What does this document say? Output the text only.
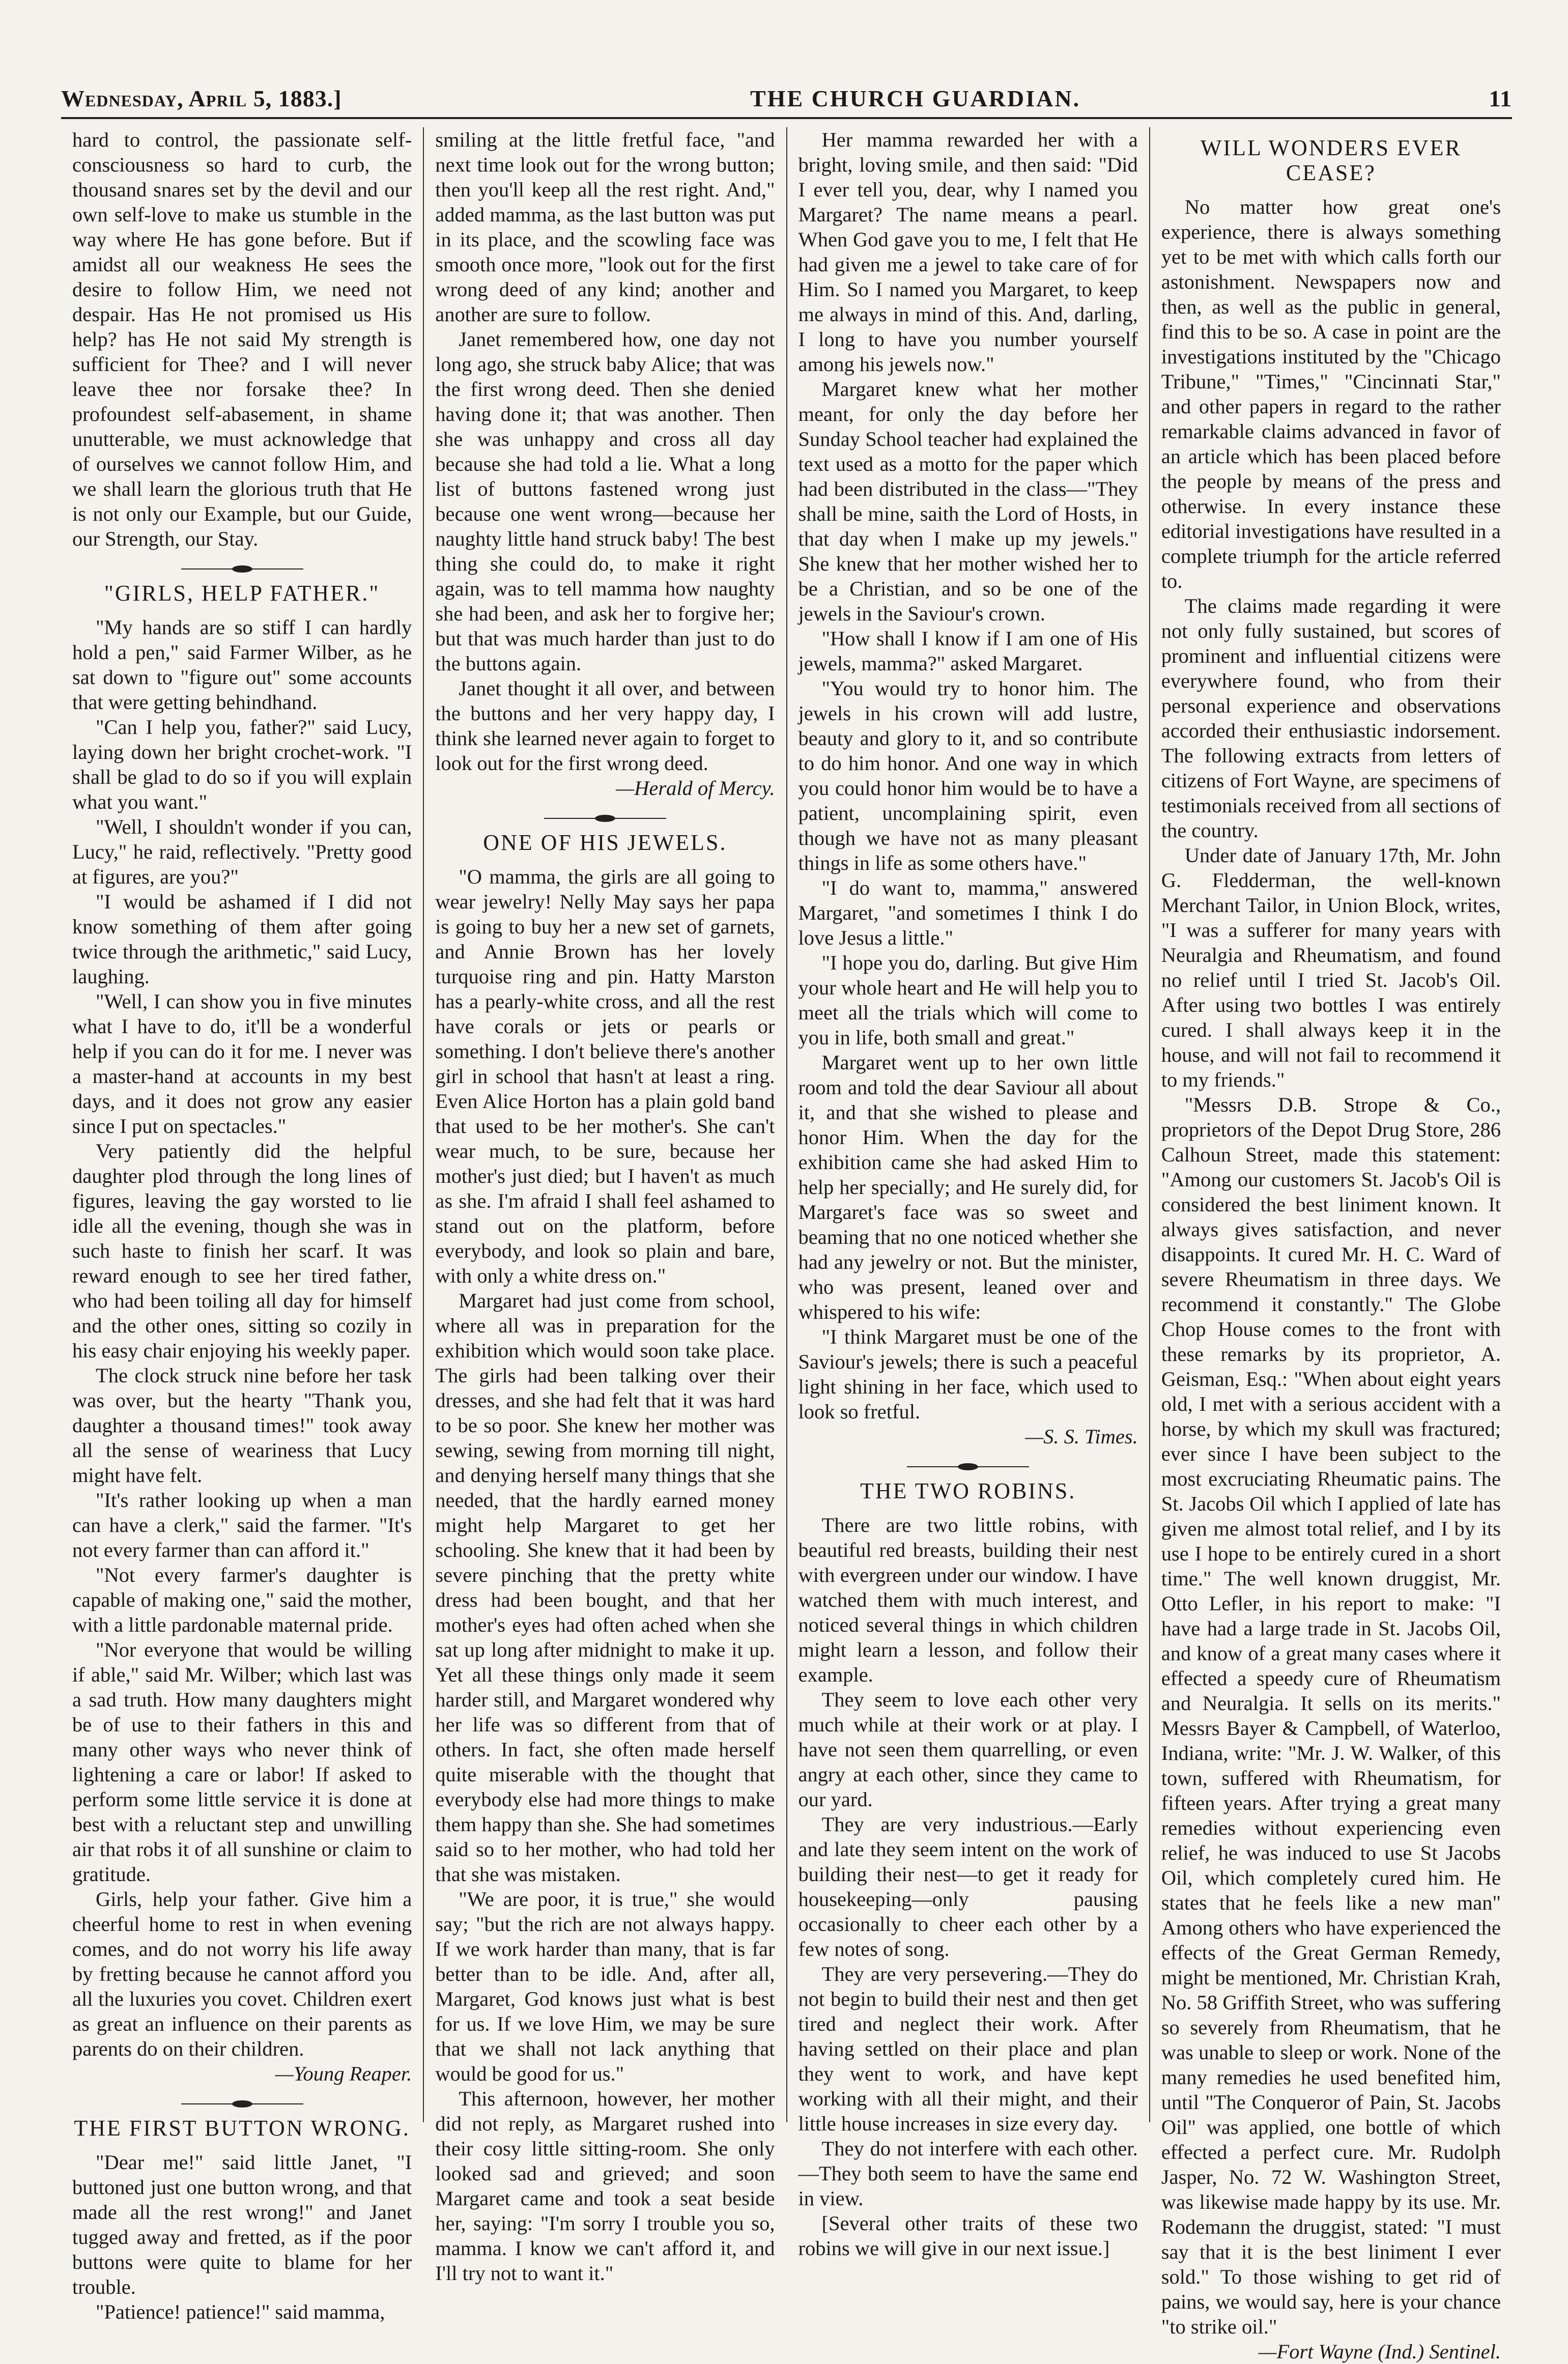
Wednesday, April 5, 1883.]	THE CHURCH GUARDIAN.	11

hard to control, the passionate self-consciousness so hard to curb, the thousand snares set by the devil and our own self-love to make us stumble in the way where He has gone before. But if amidst all our weakness He sees the desire to follow Him, we need not despair. Has He not promised us His help? has He not said My strength is sufficient for Thee? and I will never leave thee nor forsake thee? In profoundest self-abasement, in shame unutterable, we must acknowledge that of ourselves we cannot follow Him, and we shall learn the glorious truth that He is not only our Example, but our Guide, our Strength, our Stay.

"GIRLS, HELP FATHER."

"My hands are so stiff I can hardly hold a pen," said Farmer Wilber, as he sat down to "figure out" some accounts that were getting behindhand.

"Can I help you, father?" said Lucy, laying down her bright crochet-work. "I shall be glad to do so if you will explain what you want."

"Well, I shouldn't wonder if you can, Lucy," he raid, reflectively. "Pretty good at figures, are you?"

"I would be ashamed if I did not know something of them after going twice through the arithmetic," said Lucy, laughing.

"Well, I can show you in five minutes what I have to do, it'll be a wonderful help if you can do it for me. I never was a master-hand at accounts in my best days, and it does not grow any easier since I put on spectacles."

Very patiently did the helpful daughter plod through the long lines of figures, leaving the gay worsted to lie idle all the evening, though she was in such haste to finish her scarf. It was reward enough to see her tired father, who had been toiling all day for himself and the other ones, sitting so cozily in his easy chair enjoying his weekly paper.

The clock struck nine before her task was over, but the hearty "Thank you, daughter a thousand times!" took away all the sense of weariness that Lucy might have felt.

"It's rather looking up when a man can have a clerk," said the farmer. "It's not every farmer than can afford it."

"Not every farmer's daughter is capable of making one," said the mother, with a little pardonable maternal pride.

"Nor everyone that would be willing if able," said Mr. Wilber; which last was a sad truth. How many daughters might be of use to their fathers in this and many other ways who never think of lightening a care or labor! If asked to perform some little service it is done at best with a reluctant step and unwilling air that robs it of all sunshine or claim to gratitude.

Girls, help your father. Give him a cheerful home to rest in when evening comes, and do not worry his life away by fretting because he cannot afford you all the luxuries you covet. Children exert as great an influence on their parents as parents do on their children.

—Young Reaper.

THE FIRST BUTTON WRONG.

"Dear me!" said little Janet, "I buttoned just one button wrong, and that made all the rest wrong!" and Janet tugged away and fretted, as if the poor buttons were quite to blame for her trouble.

"Patience! patience!" said mamma,

smiling at the little fretful face, "and next time look out for the wrong button; then you'll keep all the rest right. And," added mamma, as the last button was put in its place, and the scowling face was smooth once more, "look out for the first wrong deed of any kind; another and another are sure to follow.

Janet remembered how, one day not long ago, she struck baby Alice; that was the first wrong deed. Then she denied having done it; that was another. Then she was unhappy and cross all day because she had told a lie. What a long list of buttons fastened wrong just because one went wrong—because her naughty little hand struck baby! The best thing she could do, to make it right again, was to tell mamma how naughty she had been, and ask her to forgive her; but that was much harder than just to do the buttons again.

Janet thought it all over, and between the buttons and her very happy day, I think she learned never again to forget to look out for the first wrong deed.

—Herald of Mercy.

ONE OF HIS JEWELS.

"O mamma, the girls are all going to wear jewelry! Nelly May says her papa is going to buy her a new set of garnets, and Annie Brown has her lovely turquoise ring and pin. Hatty Marston has a pearly-white cross, and all the rest have corals or jets or pearls or something. I don't believe there's another girl in school that hasn't at least a ring. Even Alice Horton has a plain gold band that used to be her mother's. She can't wear much, to be sure, because her mother's just died; but I haven't as much as she. I'm afraid I shall feel ashamed to stand out on the platform, before everybody, and look so plain and bare, with only a white dress on."

Margaret had just come from school, where all was in preparation for the exhibition which would soon take place. The girls had been talking over their dresses, and she had felt that it was hard to be so poor. She knew her mother was sewing, sewing from morning till night, and denying herself many things that she needed, that the hardly earned money might help Margaret to get her schooling. She knew that it had been by severe pinching that the pretty white dress had been bought, and that her mother's eyes had often ached when she sat up long after midnight to make it up. Yet all these things only made it seem harder still, and Margaret wondered why her life was so different from that of others. In fact, she often made herself quite miserable with the thought that everybody else had more things to make them happy than she. She had sometimes said so to her mother, who had told her that she was mistaken.

"We are poor, it is true," she would say; "but the rich are not always happy. If we work harder than many, that is far better than to be idle. And, after all, Margaret, God knows just what is best for us. If we love Him, we may be sure that we shall not lack anything that would be good for us."

This afternoon, however, her mother did not reply, as Margaret rushed into their cosy little sitting-room. She only looked sad and grieved; and soon Margaret came and took a seat beside her, saying: "I'm sorry I trouble you so, mamma. I know we can't afford it, and I'll try not to want it."

Her mamma rewarded her with a bright, loving smile, and then said: "Did I ever tell you, dear, why I named you Margaret? The name means a pearl. When God gave you to me, I felt that He had given me a jewel to take care of for Him. So I named you Margaret, to keep me always in mind of this. And, darling, I long to have you number yourself among his jewels now."

Margaret knew what her mother meant, for only the day before her Sunday School teacher had explained the text used as a motto for the paper which had been distributed in the class—"They shall be mine, saith the Lord of Hosts, in that day when I make up my jewels." She knew that her mother wished her to be a Christian, and so be one of the jewels in the Saviour's crown.

"How shall I know if I am one of His jewels, mamma?" asked Margaret.

"You would try to honor him. The jewels in his crown will add lustre, beauty and glory to it, and so contribute to do him honor. And one way in which you could honor him would be to have a patient, uncomplaining spirit, even though we have not as many pleasant things in life as some others have."

"I do want to, mamma," answered Margaret, "and sometimes I think I do love Jesus a little."

"I hope you do, darling. But give Him your whole heart and He will help you to meet all the trials which will come to you in life, both small and great."

Margaret went up to her own little room and told the dear Saviour all about it, and that she wished to please and honor Him. When the day for the exhibition came she had asked Him to help her specially; and He surely did, for Margaret's face was so sweet and beaming that no one noticed whether she had any jewelry or not. But the minister, who was present, leaned over and whispered to his wife:

"I think Margaret must be one of the Saviour's jewels; there is such a peaceful light shining in her face, which used to look so fretful.

—S. S. Times.

THE TWO ROBINS.

There are two little robins, with beautiful red breasts, building their nest with evergreen under our window. I have watched them with much interest, and noticed several things in which children might learn a lesson, and follow their example.

They seem to love each other very much while at their work or at play. I have not seen them quarrelling, or even angry at each other, since they came to our yard.

They are very industrious.—Early and late they seem intent on the work of building their nest—to get it ready for housekeeping—only pausing occasionally to cheer each other by a few notes of song.

They are very persevering.—They do not begin to build their nest and then get tired and neglect their work. After having settled on their place and plan they went to work, and have kept working with all their might, and their little house increases in size every day.

They do not interfere with each other.—They both seem to have the same end in view.

[Several other traits of these two robins we will give in our next issue.]

WILL WONDERS EVER CEASE?

No matter how great one's experience, there is always something yet to be met with which calls forth our astonishment. Newspapers now and then, as well as the public in general, find this to be so. A case in point are the investigations instituted by the "Chicago Tribune," "Times," "Cincinnati Star," and other papers in regard to the rather remarkable claims advanced in favor of an article which has been placed before the people by means of the press and otherwise. In every instance these editorial investigations have resulted in a complete triumph for the article referred to.

The claims made regarding it were not only fully sustained, but scores of prominent and influential citizens were everywhere found, who from their personal experience and observations accorded their enthusiastic indorsement. The following extracts from letters of citizens of Fort Wayne, are specimens of testimonials received from all sections of the country.

Under date of January 17th, Mr. John G. Fledderman, the well-known Merchant Tailor, in Union Block, writes, "I was a sufferer for many years with Neuralgia and Rheumatism, and found no relief until I tried St. Jacob's Oil. After using two bottles I was entirely cured. I shall always keep it in the house, and will not fail to recommend it to my friends."

"Messrs D.B. Strope & Co., proprietors of the Depot Drug Store, 286 Calhoun Street, made this statement: "Among our customers St. Jacob's Oil is considered the best liniment known. It always gives satisfaction, and never disappoints. It cured Mr. H. C. Ward of severe Rheumatism in three days. We recommend it constantly." The Globe Chop House comes to the front with these remarks by its proprietor, A. Geisman, Esq.: "When about eight years old, I met with a serious accident with a horse, by which my skull was fractured; ever since I have been subject to the most excruciating Rheumatic pains. The St. Jacobs Oil which I applied of late has given me almost total relief, and I by its use I hope to be entirely cured in a short time." The well known druggist, Mr. Otto Lefler, in his report to make: "I have had a large trade in St. Jacobs Oil, and know of a great many cases where it effected a speedy cure of Rheumatism and Neuralgia. It sells on its merits." Messrs Bayer & Campbell, of Waterloo, Indiana, write: "Mr. J. W. Walker, of this town, suffered with Rheumatism, for fifteen years. After trying a great many remedies without experiencing even relief, he was induced to use St Jacobs Oil, which completely cured him. He states that he feels like a new man" Among others who have experienced the effects of the Great German Remedy, might be mentioned, Mr. Christian Krah, No. 58 Griffith Street, who was suffering so severely from Rheumatism, that he was unable to sleep or work. None of the many remedies he used benefited him, until "The Conqueror of Pain, St. Jacobs Oil" was applied, one bottle of which effected a perfect cure. Mr. Rudolph Jasper, No. 72 W. Washington Street, was likewise made happy by its use. Mr. Rodemann the druggist, stated: "I must say that it is the best liniment I ever sold." To those wishing to get rid of pains, we would say, here is your chance "to strike oil."

—Fort Wayne (Ind.) Sentinel.
